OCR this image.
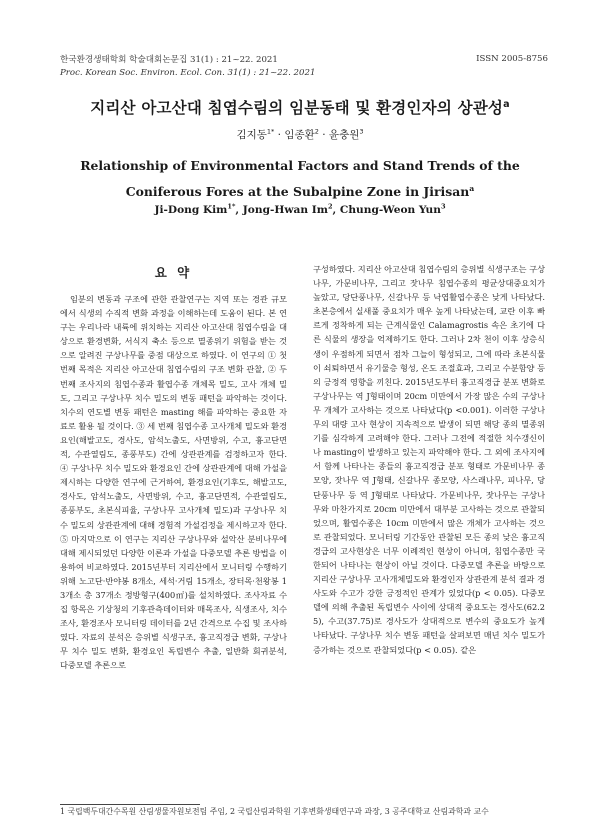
한국환경생태학회 학술대회논문집 31(1) : 21~22. 2021
Proc. Korean Soc. Environ. Ecol. Con. 31(1) : 21~22. 2021
ISSN 2005-8756
지리산 아고산대 침엽수림의 임분동태 및 환경인자의 상관성$^a$
김지동$^{1*}$ · 임종환$^2$ · 윤충원$^3$
Relationship of Environmental Factors and Stand Trends of the Coniferous Fores at the Subalpine Zone in Jirisan$^a$
Ji-Dong Kim$^{1*}$, Jong-Hwan Im$^2$, Chung-Weon Yun$^3$
요 약
임분의 변동과 구조에 관한 관찰연구는 지역 또는 경관 규모에서 식생의 수직적 변화 과정을 이해하는데 도움이 된다. 본 연구는 우리나라 내륙에 위치하는 지리산 아고산대 침엽수림을 대상으로 환경변화, 서식지 축소 등으로 멸종위기 위험을 받는 것으로 알려진 구상나무를 중점 대상으로 하였다. 이 연구의 ① 첫 번째 목적은 지리산 아고산대 침엽수림의 구조 변화 관찰, ② 두 번째 조사지의 침엽수종과 활엽수종 개체목 밀도, 고사 개체 밀도, 그리고 구상나무 치수 밀도의 변동 패턴을 파악하는 것이다. 치수의 연도별 변동 패턴은 masting 해를 파악하는 중요한 자료로 활용 될 것이다. ③ 세 번째 침엽수종 고사개체 밀도와 환경요인(해발고도, 경사도, 암석노출도, 사면방위, 수고, 흉고단면적, 수관열림도, 종풍부도) 간에 상관관계를 검정하고자 한다. ④ 구상나무 치수 밀도와 환경요인 간에 상관관계에 대해 가설을 제시하는 다양한 연구에 근거하여, 환경요인(기후도, 해발고도, 경사도, 암석노출도, 사면방위, 수고, 흉고단면적, 수관열림도, 종풍부도, 초본식피율, 구상나무 고사개체 밀도)과 구상나무 치수 밀도의 상관관계에 대해 경험적 가설검정을 제시하고자 한다. ⑤ 마지막으로 이 연구는 지리산 구상나무와 설악산 분비나무에 대해 제시되었던 다양한 이론과 가설을 다중모델 추론 방법을 이용하여 비교하였다. 2015년부터 지리산에서 모니터링 수행하기 위해 노고단·반야봉 8개소, 세석·거림 15개소, 장터목·천왕봉 13개소 총 37개소 정방형구(400㎡)를 설치하였다. 조사자료 수집 항목은 기상청의 기후관측데이터와 매목조사, 식생조사, 치수조사, 환경조사 모니터링 데이터를 2년 간격으로 수집 및 조사하였다. 자료의 분석은 층위별 식생구조, 흉고직경급 변화, 구상나무 치수 밀도 변화, 환경요인 독립변수 추출, 일반화 회귀분석, 다중모델 추론으로
구성하였다. 지리산 아고산대 침엽수림의 층위별 식생구조는 구상나무, 가문비나무, 그리고 잣나무 침엽수종의 평균상대중요치가 높았고, 당단풍나무, 신갈나무 등 낙엽활엽수종은 낮게 나타났다. 초본층에서 실새풀 중요치가 매우 높게 나타났는데, 교란 이후 빠르게 정착하게 되는 근계식물인 Calamagrostis 속은 초기에 다른 식물의 생장을 억제하기도 한다. 그러나 2차 천이 이후 상층식생이 우점하게 되면서 점차 그늘이 형성되고, 그에 따라 초본식물이 쇠퇴하면서 유기물층 형성, 온도 조절효과, 그리고 수분함양 등의 긍정적 영향을 끼친다. 2015년도부터 흉고직경급 분포 변화로 구상나무는 역 J형태이며 20cm 미만에서 가장 많은 수의 구상나무 개체가 고사하는 것으로 나타났다(p <0.001). 이러한 구상나무의 대량 고사 현상이 지속적으로 발생이 되면 해당 종의 멸종위기를 심각하게 고려해야 한다. 그러나 그전에 적절한 치수갱신이나 masting이 발생하고 있는지 파악해야 한다. 그 외에 조사지에서 함께 나타나는 종들의 흉고직경급 분포 형태로 가문비나무 종모양, 잣나무 역 J형태, 신갈나무 종모양, 사스래나무, 피나무, 당단풍나무 등 역 J형태로 나타났다. 가문비나무, 잣나무는 구상나무와 마찬가지로 20cm 미만에서 대부분 고사하는 것으로 관찰되었으며, 활엽수종은 10cm 미만에서 많은 개체가 고사하는 것으로 관찰되었다. 모니터링 기간동안 관찰된 모든 종의 낮은 흉고직경급의 고사현상은 너무 이례적인 현상이 아니며, 침엽수종만 국한되어 나타나는 현상이 아닐 것이다. 다중모델 추론을 바탕으로 지리산 구상나무 고사개체밀도와 환경인자 상관관계 분석 결과 경사도와 수고가 강한 긍정적인 관계가 있었다(p < 0.05). 다중모델에 의해 추출된 독립변수 사이에 상대적 중요도는 경사도(62.25), 수고(37.75)로 경사도가 상대적으로 변수의 중요도가 높게 나타났다. 구상나무 치수 변동 패턴을 살펴보면 매년 치수 밀도가 증가하는 것으로 관찰되었다(p < 0.05). 같은
1 국립백두대간수목원 산림생물자원보전팀 주임, 2 국립산림과학원 기후변화생태연구과 과장, 3 공주대학교 산림과학과 교수
